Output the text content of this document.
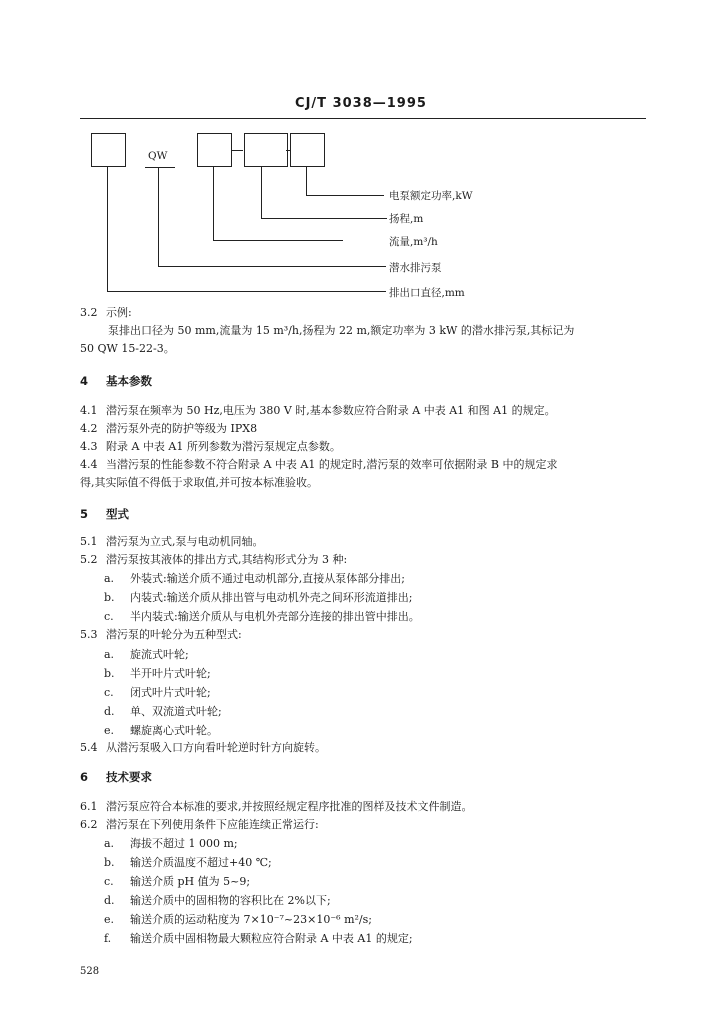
CJ/T 3038—1995
QW
电泵额定功率,kW
扬程,m
流量,m³/h
潜水排污泵
排出口直径,mm
3.2 示例:
泵排出口径为 50 mm,流量为 15 m³/h,扬程为 22 m,额定功率为 3 kW 的潜水排污泵,其标记为
50 QW 15-22-3。
4 基本参数
4.1 潜污泵在频率为 50 Hz,电压为 380 V 时,基本参数应符合附录 A 中表 A1 和图 A1 的规定。
4.2 潜污泵外壳的防护等级为 IPX8
4.3 附录 A 中表 A1 所列参数为潜污泵规定点参数。
4.4 当潜污泵的性能参数不符合附录 A 中表 A1 的规定时,潜污泵的效率可依据附录 B 中的规定求
得,其实际值不得低于求取值,并可按本标准验收。
5 型式
5.1 潜污泵为立式,泵与电动机同轴。
5.2 潜污泵按其液体的排出方式,其结构形式分为 3 种:
a. 外装式:输送介质不通过电动机部分,直接从泵体部分排出;
b. 内装式:输送介质从排出管与电动机外壳之间环形流道排出;
c. 半内装式:输送介质从与电机外壳部分连接的排出管中排出。
5.3 潜污泵的叶轮分为五种型式:
a. 旋流式叶轮;
b. 半开叶片式叶轮;
c. 闭式叶片式叶轮;
d. 单、双流道式叶轮;
e. 螺旋离心式叶轮。
5.4 从潜污泵吸入口方向看叶轮逆时针方向旋转。
6 技术要求
6.1 潜污泵应符合本标准的要求,并按照经规定程序批准的图样及技术文件制造。
6.2 潜污泵在下列使用条件下应能连续正常运行:
a. 海拔不超过 1 000 m;
b. 输送介质温度不超过+40 ℃;
c. 输送介质 pH 值为 5~9;
d. 输送介质中的固相物的容积比在 2%以下;
e. 输送介质的运动粘度为 7×10⁻⁷~23×10⁻⁶ m²/s;
f. 输送介质中固相物最大颗粒应符合附录 A 中表 A1 的规定;
528
